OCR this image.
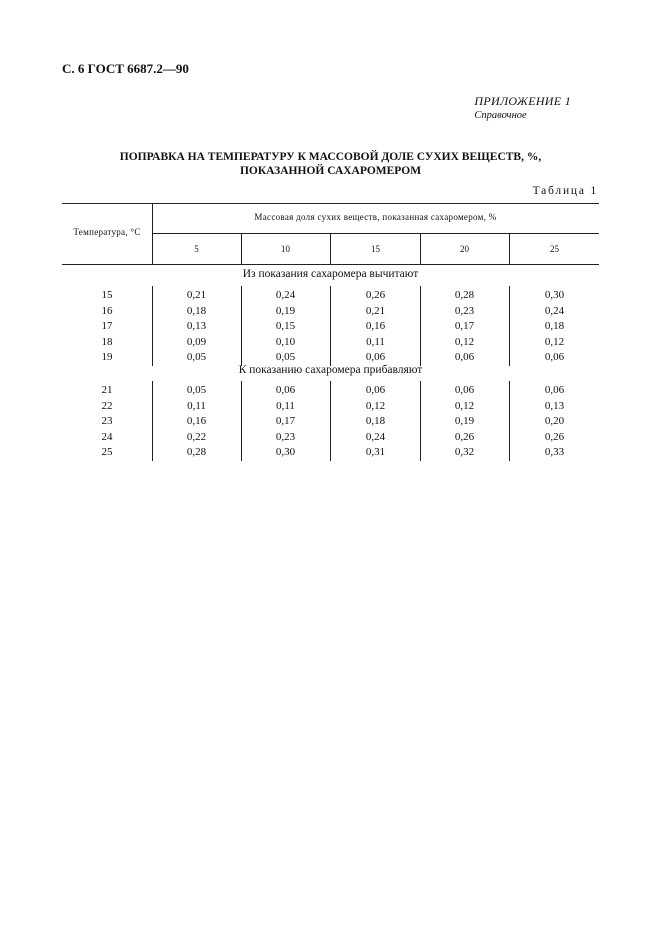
С. 6 ГОСТ 6687.2—90
ПРИЛОЖЕНИЕ 1
Справочное
ПОПРАВКА НА ТЕМПЕРАТУРУ К МАССОВОЙ ДОЛЕ СУХИХ ВЕЩЕСТВ, %,
ПОКАЗАННОЙ САХАРОМЕРОМ
Таблица 1
Температура, °С
Массовая доля сухих веществ, показанная сахаромером, %
5	10	15	20	25
Из показания сахаромера вычитают
15	0,21	0,24	0,26	0,28	0,30
16	0,18	0,19	0,21	0,23	0,24
17	0,13	0,15	0,16	0,17	0,18
18	0,09	0,10	0,11	0,12	0,12
19	0,05	0,05	0,06	0,06	0,06
К показанию сахаромера прибавляют
21	0,05	0,06	0,06	0,06	0,06
22	0,11	0,11	0,12	0,12	0,13
23	0,16	0,17	0,18	0,19	0,20
24	0,22	0,23	0,24	0,26	0,26
25	0,28	0,30	0,31	0,32	0,33
